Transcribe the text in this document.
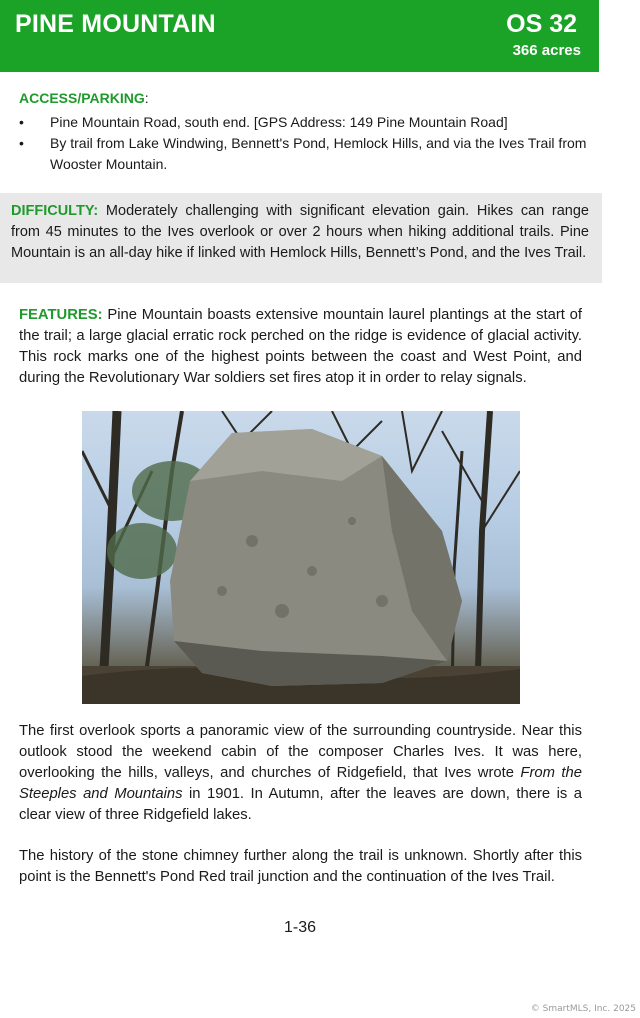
PINE MOUNTAIN	OS 32
366 acres
ACCESS/PARKING:
• Pine Mountain Road, south end. [GPS Address: 149 Pine Mountain Road]
• By trail from Lake Windwing, Bennett's Pond, Hemlock Hills, and via the Ives Trail from Wooster Mountain.

DIFFICULTY: Moderately challenging with significant elevation gain. Hikes can range from 45 minutes to the Ives overlook or over 2 hours when hiking additional trails. Pine Mountain is an all-day hike if linked with Hemlock Hills, Bennett’s Pond, and the Ives Trail.

FEATURES: Pine Mountain boasts extensive mountain laurel plantings at the start of the trail; a large glacial erratic rock perched on the ridge is evidence of glacial activity. This rock marks one of the highest points between the coast and West Point, and during the Revolutionary War soldiers set fires atop it in order to relay signals.

The first overlook sports a panoramic view of the surrounding countryside. Near this outlook stood the weekend cabin of the composer Charles Ives. It was here, overlooking the hills, valleys, and churches of Ridgefield, that Ives wrote From the Steeples and Mountains in 1901. In Autumn, after the leaves are down, there is a clear view of three Ridgefield lakes.

The history of the stone chimney further along the trail is unknown. Shortly after this point is the Bennett's Pond Red trail junction and the continuation of the Ives Trail.

1-36
© SmartMLS, Inc. 2025
